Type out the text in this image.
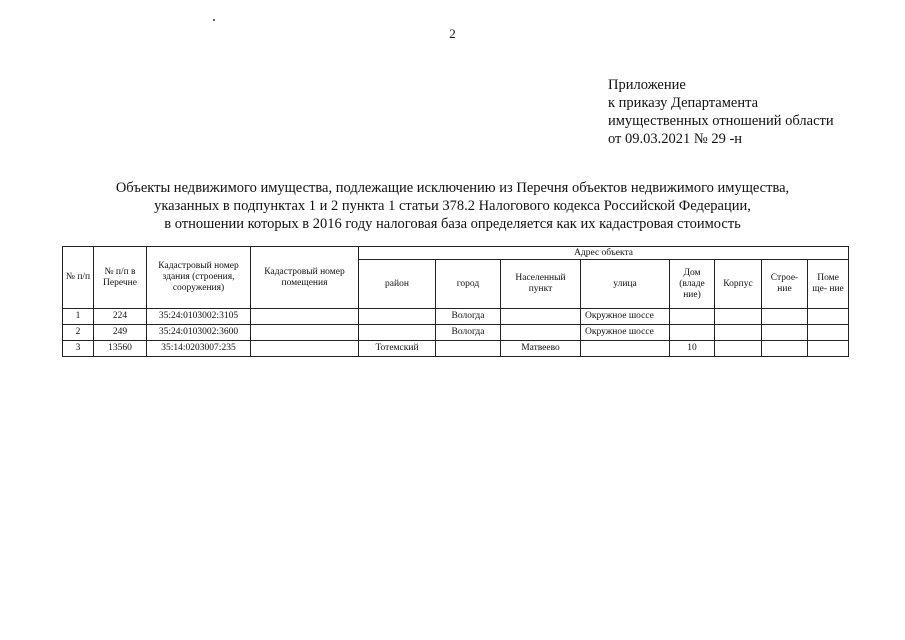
2
Приложение
к приказу Департамента
имущественных отношений области
от 09.03.2021 № 29 -н
Объекты недвижимого имущества, подлежащие исключению из Перечня объектов недвижимого имущества,
указанных в подпунктах 1 и 2 пункта 1 статьи 378.2 Налогового кодекса Российской Федерации,
в отношении которых в 2016 году налоговая база определяется как их кадастровая стоимость
№ п/п	№ п/п в Перечне	Кадастровый номер здания (строения, сооружения)	Кадастровый номер помещения	Адрес объекта							
				район	город	Населенный пункт	улица	Дом (владе ние)	Корпус	Строе- ние	Поме ще- ние
1	224	35:24:0103002:3105			Вологда		Окружное шоссе				
2	249	35:24:0103002:3600			Вологда		Окружное шоссе				
3	13560	35:14:0203007:235		Тотемский		Матвеево		10			
